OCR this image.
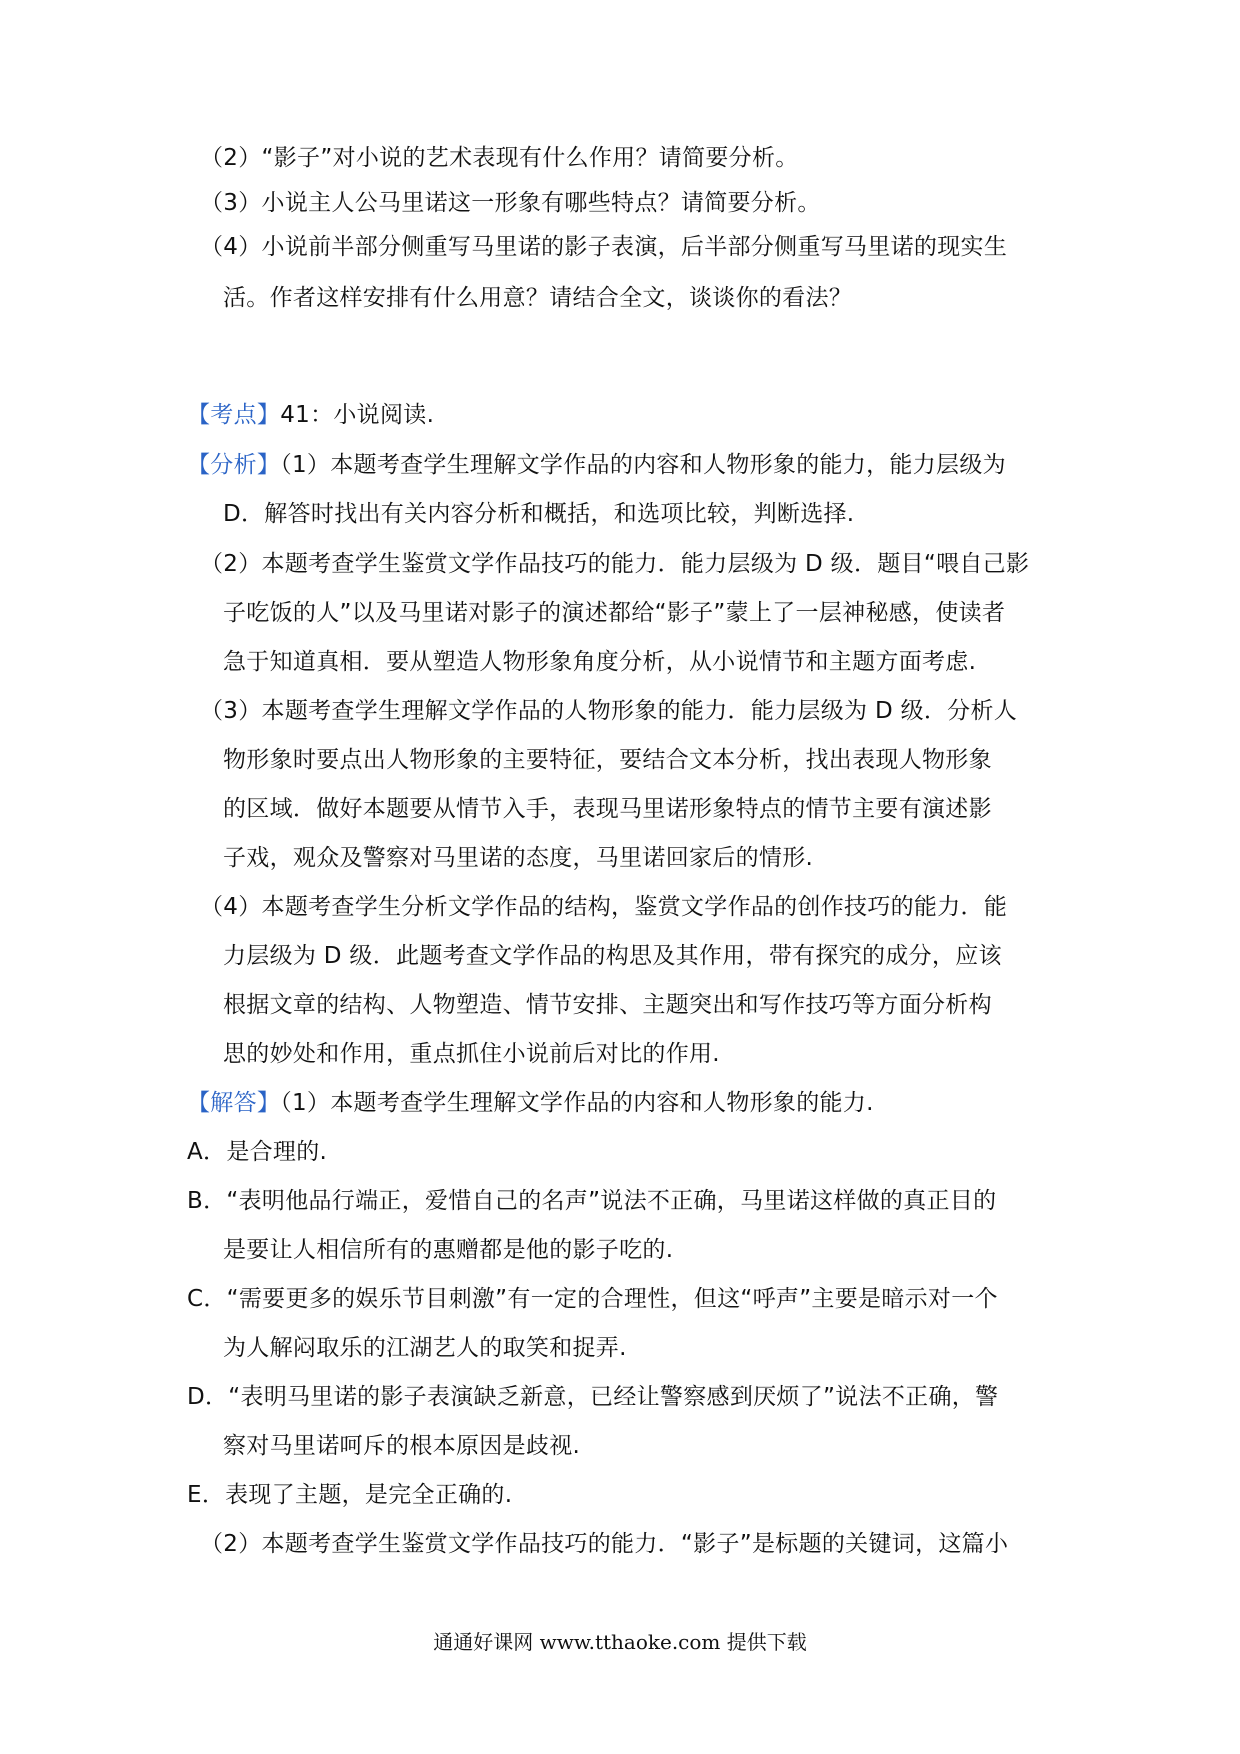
（2）“影子”对小说的艺术表现有什么作用？请简要分析。
（3）小说主人公马里诺这一形象有哪些特点？请简要分析。
（4）小说前半部分侧重写马里诺的影子表演，后半部分侧重写马里诺的现实生
活。作者这样安排有什么用意？请结合全文，谈谈你的看法？
【考点】41：小说阅读.
【分析】（1）本题考查学生理解文学作品的内容和人物形象的能力，能力层级为
D．解答时找出有关内容分析和概括，和选项比较，判断选择.
（2）本题考查学生鉴赏文学作品技巧的能力．能力层级为 D 级．题目“喂自己影
子吃饭的人”以及马里诺对影子的演述都给“影子”蒙上了一层神秘感，使读者
急于知道真相．要从塑造人物形象角度分析，从小说情节和主题方面考虑.
（3）本题考查学生理解文学作品的人物形象的能力．能力层级为 D 级．分析人
物形象时要点出人物形象的主要特征，要结合文本分析，找出表现人物形象
的区域．做好本题要从情节入手，表现马里诺形象特点的情节主要有演述影
子戏，观众及警察对马里诺的态度，马里诺回家后的情形.
（4）本题考查学生分析文学作品的结构，鉴赏文学作品的创作技巧的能力．能
力层级为 D 级．此题考查文学作品的构思及其作用，带有探究的成分，应该
根据文章的结构、人物塑造、情节安排、主题突出和写作技巧等方面分析构
思的妙处和作用，重点抓住小说前后对比的作用.
【解答】（1）本题考查学生理解文学作品的内容和人物形象的能力.
A．是合理的.
B．“表明他品行端正，爱惜自己的名声”说法不正确，马里诺这样做的真正目的
是要让人相信所有的惠赠都是他的影子吃的.
C．“需要更多的娱乐节目刺激”有一定的合理性，但这“呼声”主要是暗示对一个
为人解闷取乐的江湖艺人的取笑和捉弄.
D．“表明马里诺的影子表演缺乏新意，已经让警察感到厌烦了”说法不正确，警
察对马里诺呵斥的根本原因是歧视.
E．表现了主题，是完全正确的.
（2）本题考查学生鉴赏文学作品技巧的能力．“影子”是标题的关键词，这篇小
通通好课网 www.tthaoke.com 提供下载
